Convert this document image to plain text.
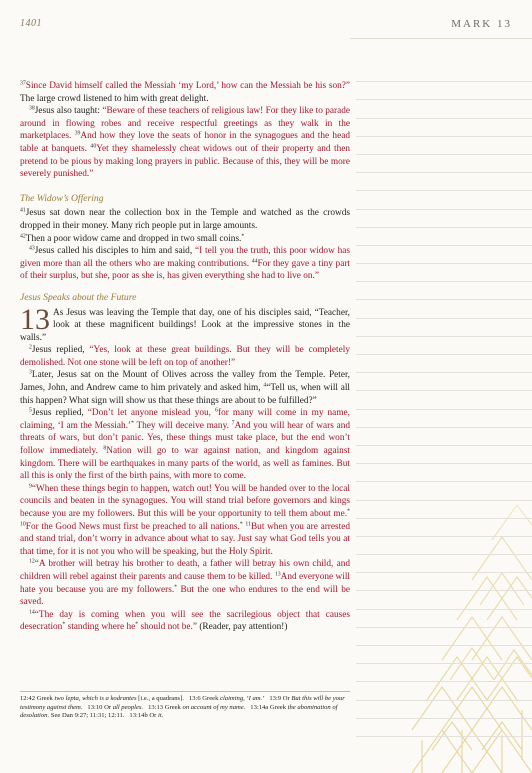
1401	MARK 13

$^{37}$Since David himself called the Messiah ‘my Lord,’ how can the Messiah be his son?” The large crowd listened to him with great delight.

$^{38}$Jesus also taught: “Beware of these teachers of religious law! For they like to parade around in flowing robes and receive respectful greetings as they walk in the marketplaces. $^{39}$And how they love the seats of honor in the synagogues and the head table at banquets. $^{40}$Yet they shamelessly cheat widows out of their property and then pretend to be pious by making long prayers in public. Because of this, they will be more severely punished.”

The Widow’s Offering

$^{41}$Jesus sat down near the collection box in the Temple and watched as the crowds dropped in their money. Many rich people put in large amounts.

$^{42}$Then a poor widow came and dropped in two small coins.*

$^{43}$Jesus called his disciples to him and said, “I tell you the truth, this poor widow has given more than all the others who are making contributions. $^{44}$For they gave a tiny part of their surplus, but she, poor as she is, has given everything she had to live on.”

Jesus Speaks about the Future

13 As Jesus was leaving the Temple that day, one of his disciples said, “Teacher, look at these magnificent buildings! Look at the impressive stones in the walls.”

$^2$Jesus replied, “Yes, look at these great buildings. But they will be completely demolished. Not one stone will be left on top of another!”

$^3$Later, Jesus sat on the Mount of Olives across the valley from the Temple. Peter, James, John, and Andrew came to him privately and asked him, $^4$“Tell us, when will all this happen? What sign will show us that these things are about to be fulfilled?”

$^5$Jesus replied, “Don’t let anyone mislead you, $^6$for many will come in my name, claiming, ‘I am the Messiah.’* They will deceive many. $^7$And you will hear of wars and threats of wars, but don’t panic. Yes, these things must take place, but the end won’t follow immediately. $^8$Nation will go to war against nation, and kingdom against kingdom. There will be earthquakes in many parts of the world, as well as famines. But all this is only the first of the birth pains, with more to come.

$^9$“When these things begin to happen, watch out! You will be handed over to the local councils and beaten in the synagogues. You will stand trial before governors and kings because you are my followers. But this will be your opportunity to tell them about me.* $^{10}$For the Good News must first be preached to all nations.* $^{11}$But when you are arrested and stand trial, don’t worry in advance about what to say. Just say what God tells you at that time, for it is not you who will be speaking, but the Holy Spirit.

$^{12}$“A brother will betray his brother to death, a father will betray his own child, and children will rebel against their parents and cause them to be killed. $^{13}$And everyone will hate you because you are my followers.* But the one who endures to the end will be saved.

$^{14}$“The day is coming when you will see the sacrilegious object that causes desecration* standing where he* should not be.” (Reader, pay attention!)

12:42 Greek two lepta, which is a kodrantes [i.e., a quadrans]. 13:6 Greek claiming, ‘I am.’ 13:9 Or But this will be your testimony against them. 13:10 Or all peoples. 13:13 Greek on account of my name. 13:14a Greek the abomination of desolation. See Dan 9:27; 11:31; 12:11. 13:14b Or it.
